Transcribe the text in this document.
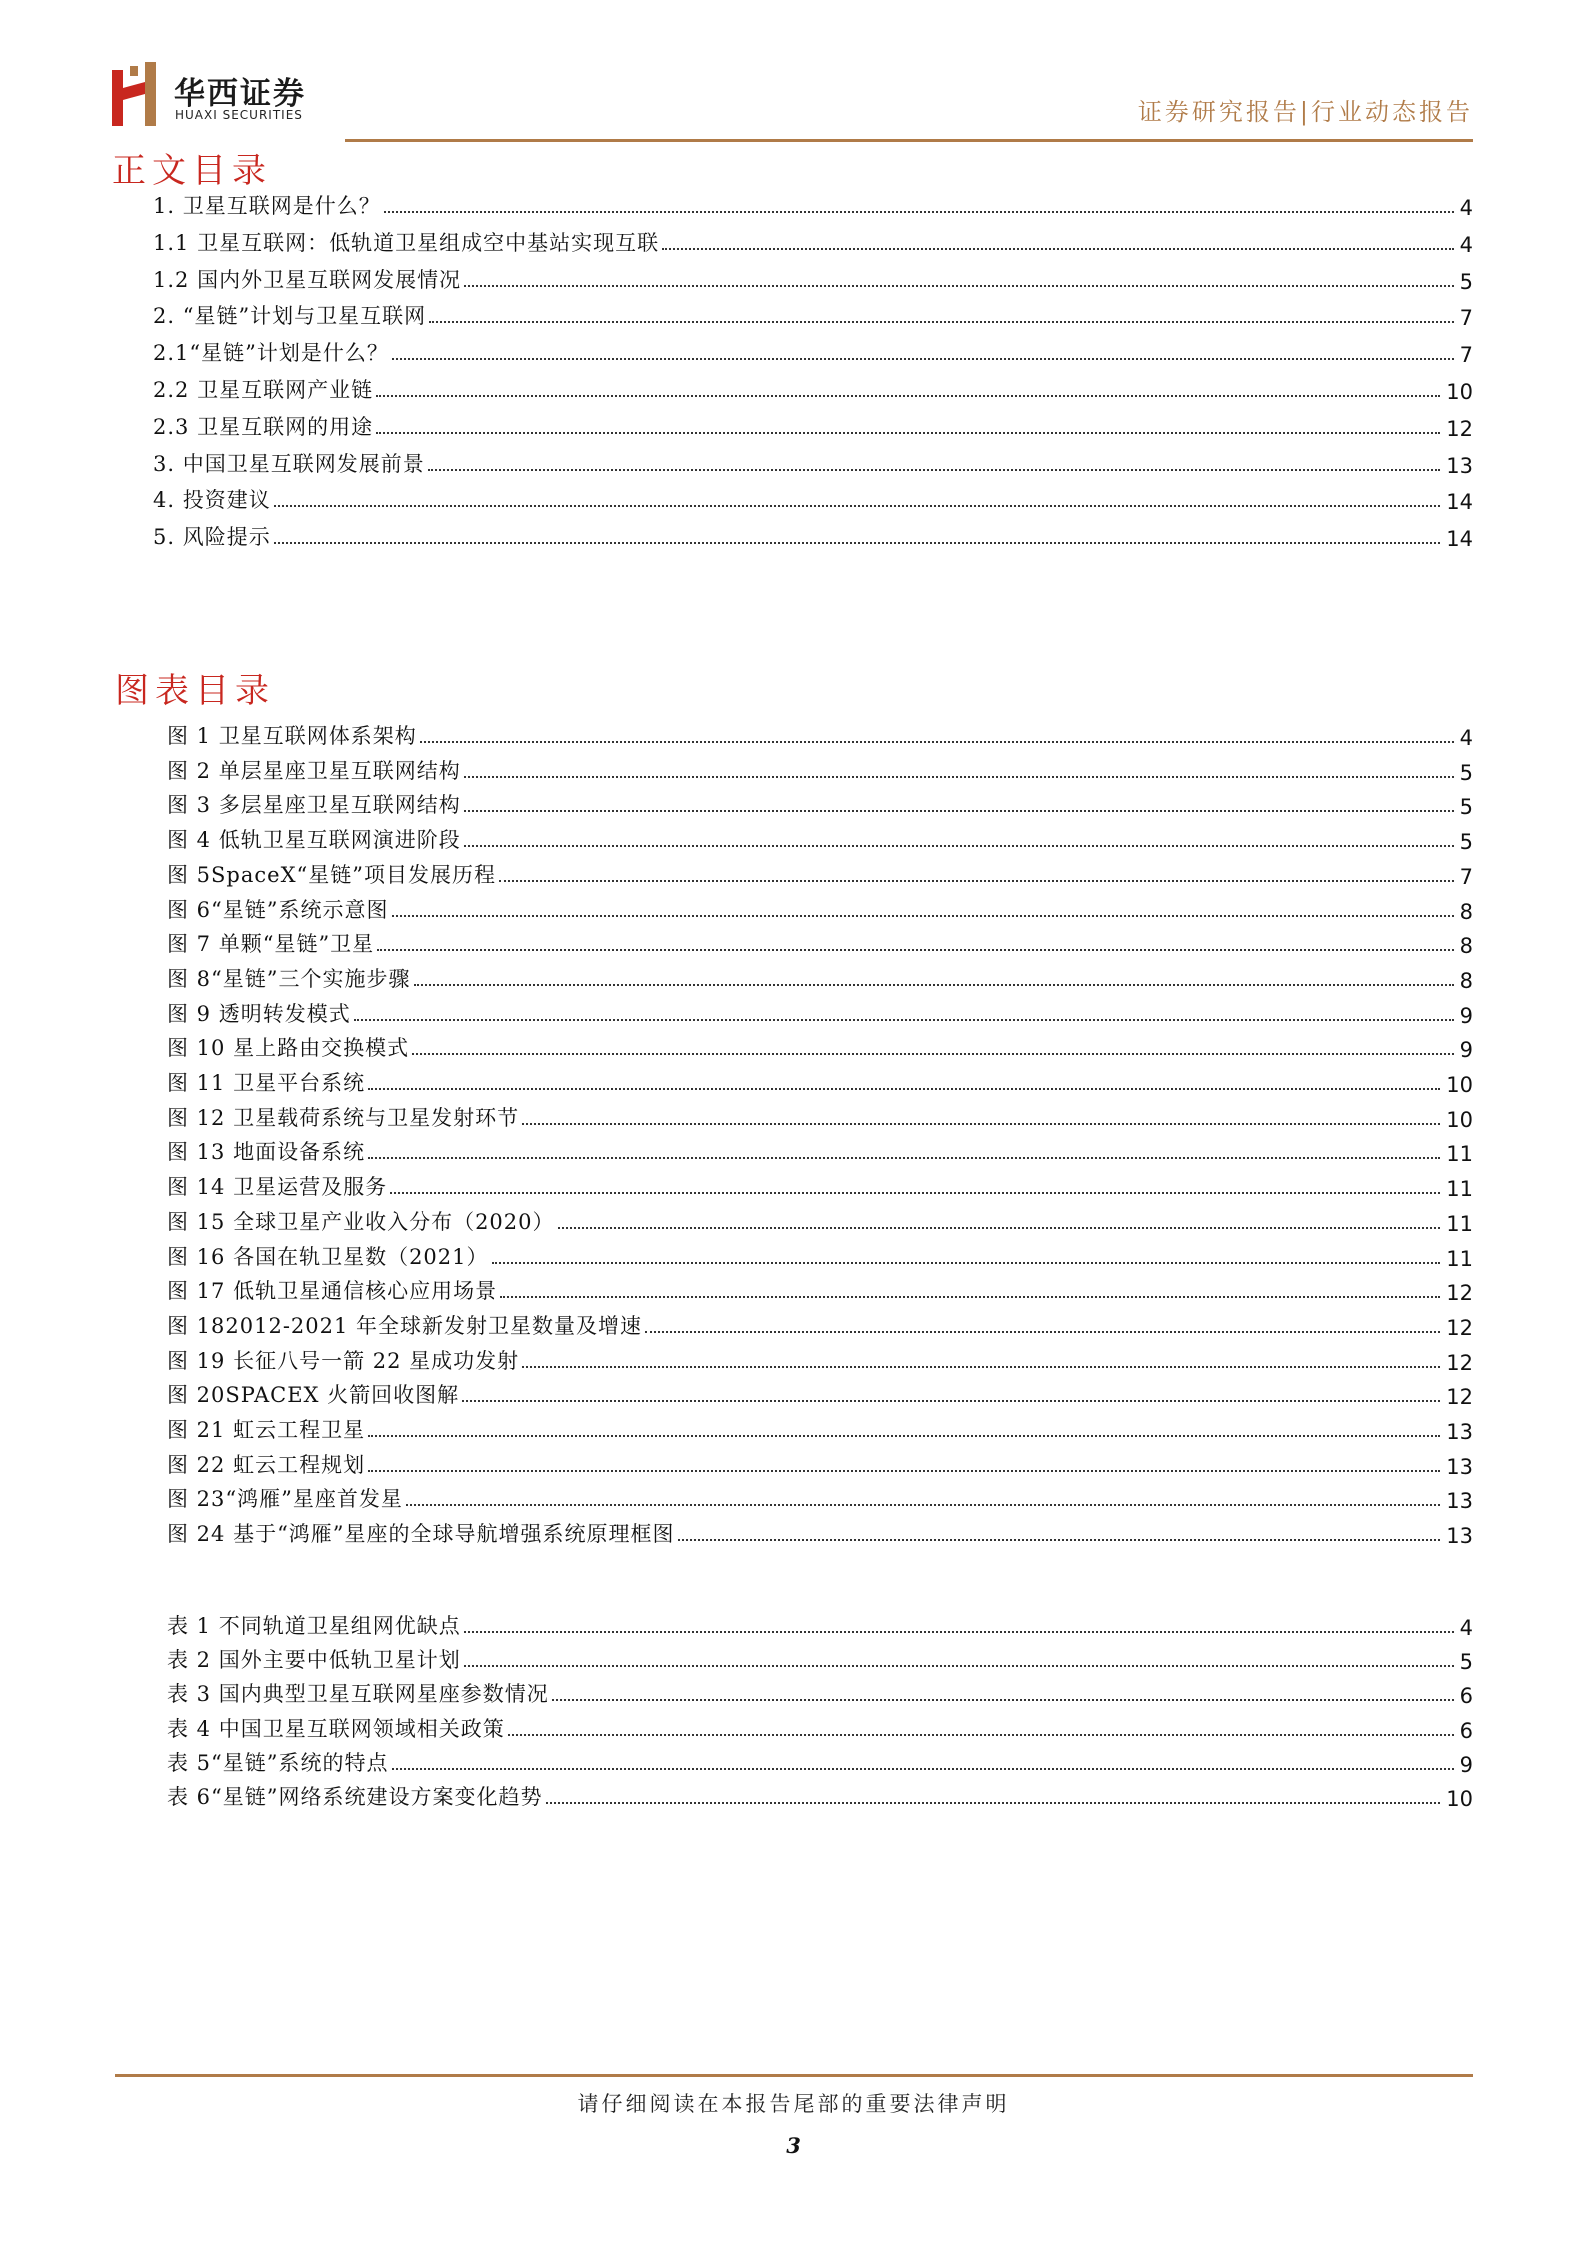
华西证券
HUAXI SECURITIES	证券研究报告|行业动态报告
正文目录
1. 卫星互联网是什么？	4
1.1 卫星互联网：低轨道卫星组成空中基站实现互联	4
1.2 国内外卫星互联网发展情况	5
2. “星链”计划与卫星互联网	7
2.1“星链”计划是什么？	7
2.2 卫星互联网产业链	10
2.3 卫星互联网的用途	12
3. 中国卫星互联网发展前景	13
4. 投资建议	14
5. 风险提示	14
图表目录
图 1 卫星互联网体系架构	4
图 2 单层星座卫星互联网结构	5
图 3 多层星座卫星互联网结构	5
图 4 低轨卫星互联网演进阶段	5
图 5SpaceX“星链”项目发展历程	7
图 6“星链”系统示意图	8
图 7 单颗“星链”卫星	8
图 8“星链”三个实施步骤	8
图 9 透明转发模式	9
图 10 星上路由交换模式	9
图 11 卫星平台系统	10
图 12 卫星载荷系统与卫星发射环节	10
图 13 地面设备系统	11
图 14 卫星运营及服务	11
图 15 全球卫星产业收入分布（2020）	11
图 16 各国在轨卫星数（2021）	11
图 17 低轨卫星通信核心应用场景	12
图 182012-2021 年全球新发射卫星数量及增速	12
图 19 长征八号一箭 22 星成功发射	12
图 20SPACEX 火箭回收图解	12
图 21 虹云工程卫星	13
图 22 虹云工程规划	13
图 23“鸿雁”星座首发星	13
图 24 基于“鸿雁”星座的全球导航增强系统原理框图	13
表 1 不同轨道卫星组网优缺点	4
表 2 国外主要中低轨卫星计划	5
表 3 国内典型卫星互联网星座参数情况	6
表 4 中国卫星互联网领域相关政策	6
表 5“星链”系统的特点	9
表 6“星链”网络系统建设方案变化趋势	10
请仔细阅读在本报告尾部的重要法律声明
3
